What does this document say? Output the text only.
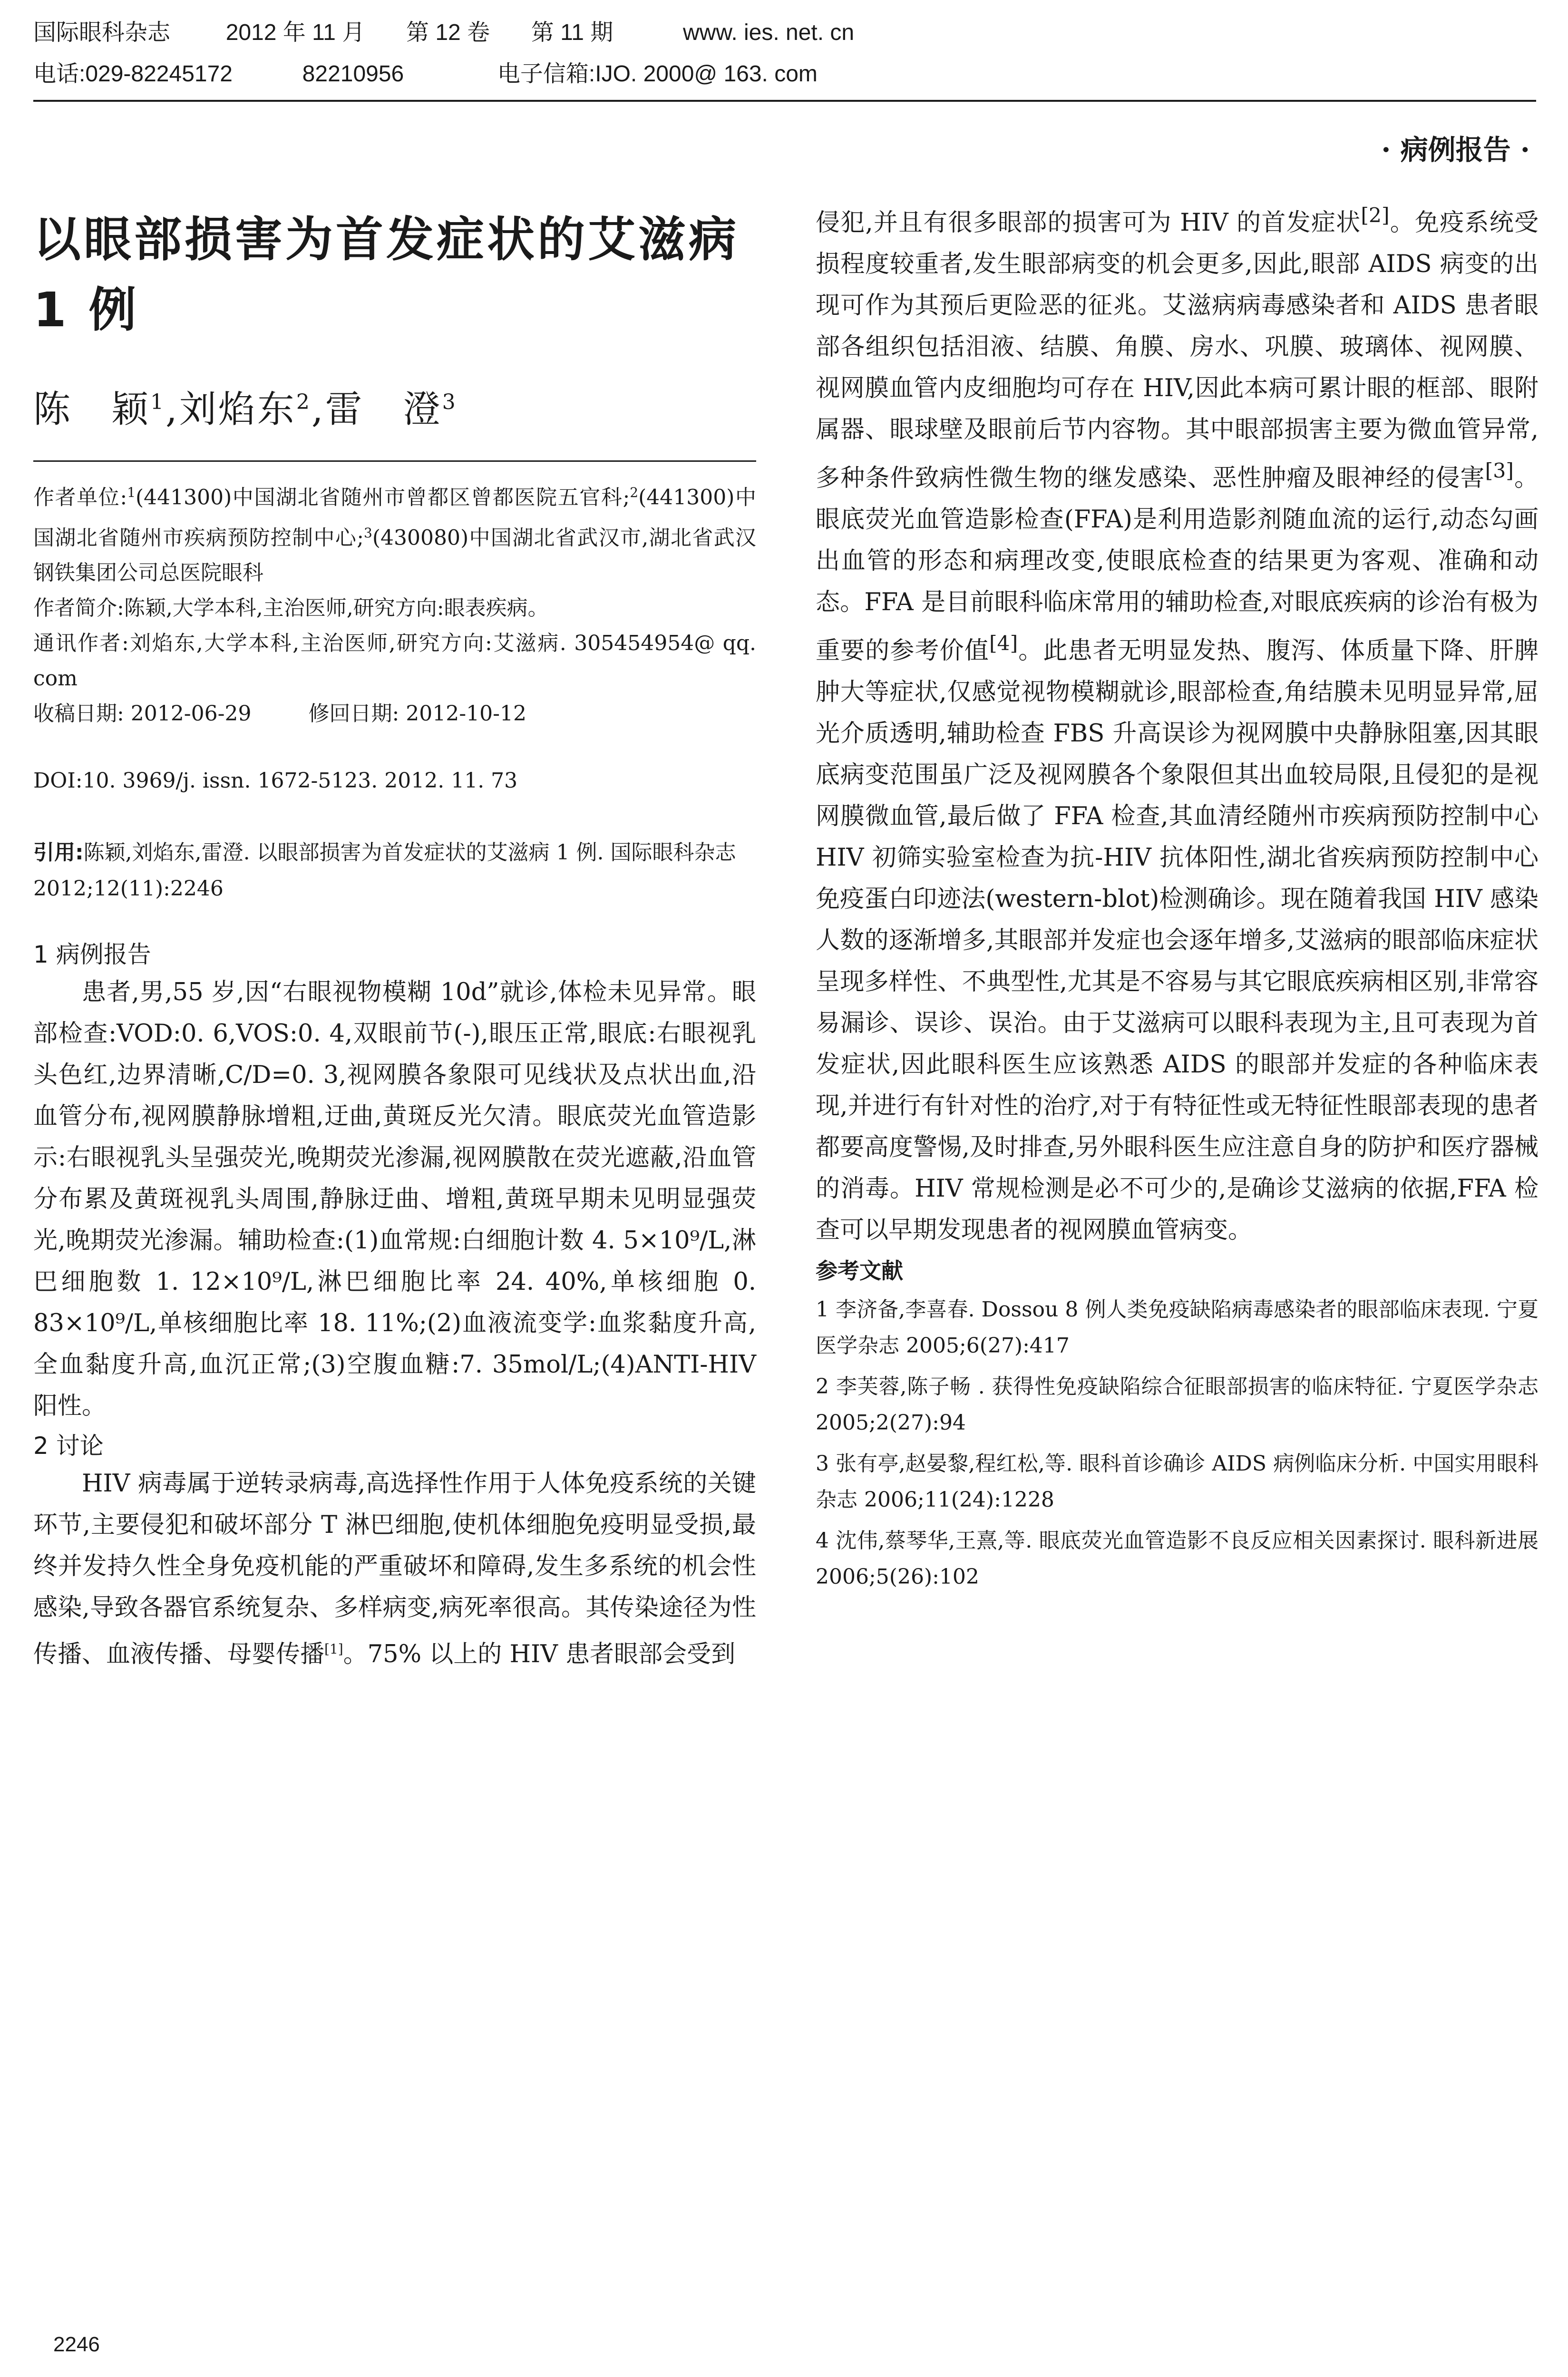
国际眼科杂志 2012 年 11 月 第 12 卷 第 11 期	www. ies. net. cn
电话:029-82245172	82210956	电子信箱:IJO. 2000@ 163. com
· 病例报告 ·
以眼部损害为首发症状的艾滋病 1 例
陈　颖$^1$,刘焰东$^2$,雷　澄$^3$

作者单位:$^1$(441300)中国湖北省随州市曾都区曾都医院五官科;$^2$(441300)中国湖北省随州市疾病预防控制中心;$^3$(430080)中国湖北省武汉市,湖北省武汉钢铁集团公司总医院眼科

作者简介:陈颖,大学本科,主治医师,研究方向:眼表疾病。

通讯作者:刘焰东,大学本科,主治医师,研究方向:艾滋病. 305454954@ qq. com

收稿日期: 2012-06-29	修回日期: 2012-10-12

DOI:10. 3969/j. issn. 1672-5123. 2012. 11. 73
引用:陈颖,刘焰东,雷澄. 以眼部损害为首发症状的艾滋病 1 例. 国际眼科杂志 2012;12(11):2246
1 病例报告

患者,男,55 岁,因“右眼视物模糊 10d”就诊,体检未见异常。眼部检查:VOD:0. 6,VOS:0. 4,双眼前节(-),眼压正常,眼底:右眼视乳头色红,边界清晰,C/D=0. 3,视网膜各象限可见线状及点状出血,沿血管分布,视网膜静脉增粗,迂曲,黄斑反光欠清。眼底荧光血管造影示:右眼视乳头呈强荧光,晚期荧光渗漏,视网膜散在荧光遮蔽,沿血管分布累及黄斑视乳头周围,静脉迂曲、增粗,黄斑早期未见明显强荧光,晚期荧光渗漏。辅助检查:(1)血常规:白细胞计数 4. 5×10⁹/L,淋巴细胞数 1. 12×10⁹/L,淋巴细胞比率 24. 40%,单核细胞 0. 83×10⁹/L,单核细胞比率 18. 11%;(2)血液流变学:血浆黏度升高,全血黏度升高,血沉正常;(3)空腹血糖:7. 35mol/L;(4)ANTI-HIV 阳性。

2 讨论

HIV 病毒属于逆转录病毒,高选择性作用于人体免疫系统的关键环节,主要侵犯和破坏部分 T 淋巴细胞,使机体细胞免疫明显受损,最终并发持久性全身免疫机能的严重破坏和障碍,发生多系统的机会性感染,导致各器官系统复杂、多样病变,病死率很高。其传染途径为性传播、血液传播、母婴传播[1]。75% 以上的 HIV 患者眼部会受到

侵犯,并且有很多眼部的损害可为 HIV 的首发症状[2]。免疫系统受损程度较重者,发生眼部病变的机会更多,因此,眼部 AIDS 病变的出现可作为其预后更险恶的征兆。艾滋病病毒感染者和 AIDS 患者眼部各组织包括泪液、结膜、角膜、房水、巩膜、玻璃体、视网膜、视网膜血管内皮细胞均可存在 HIV,因此本病可累计眼的框部、眼附属器、眼球壁及眼前后节内容物。其中眼部损害主要为微血管异常,多种条件致病性微生物的继发感染、恶性肿瘤及眼神经的侵害[3]。眼底荧光血管造影检查(FFA)是利用造影剂随血流的运行,动态勾画出血管的形态和病理改变,使眼底检查的结果更为客观、准确和动态。FFA 是目前眼科临床常用的辅助检查,对眼底疾病的诊治有极为重要的参考价值[4]。此患者无明显发热、腹泻、体质量下降、肝脾肿大等症状,仅感觉视物模糊就诊,眼部检查,角结膜未见明显异常,屈光介质透明,辅助检查 FBS 升高误诊为视网膜中央静脉阻塞,因其眼底病变范围虽广泛及视网膜各个象限但其出血较局限,且侵犯的是视网膜微血管,最后做了 FFA 检查,其血清经随州市疾病预防控制中心 HIV 初筛实验室检查为抗-HIV 抗体阳性,湖北省疾病预防控制中心免疫蛋白印迹法(western-blot)检测确诊。现在随着我国 HIV 感染人数的逐渐增多,其眼部并发症也会逐年增多,艾滋病的眼部临床症状呈现多样性、不典型性,尤其是不容易与其它眼底疾病相区别,非常容易漏诊、误诊、误治。由于艾滋病可以眼科表现为主,且可表现为首发症状,因此眼科医生应该熟悉 AIDS 的眼部并发症的各种临床表现,并进行有针对性的治疗,对于有特征性或无特征性眼部表现的患者都要高度警惕,及时排查,另外眼科医生应注意自身的防护和医疗器械的消毒。HIV 常规检测是必不可少的,是确诊艾滋病的依据,FFA 检查可以早期发现患者的视网膜血管病变。

参考文献

1 李济备,李喜春. Dossou 8 例人类免疫缺陷病毒感染者的眼部临床表现. 宁夏医学杂志 2005;6(27):417

2 李芙蓉,陈子畅 . 获得性免疫缺陷综合征眼部损害的临床特征. 宁夏医学杂志 2005;2(27):94

3 张有亭,赵晏黎,程红松,等. 眼科首诊确诊 AIDS 病例临床分析. 中国实用眼科杂志 2006;11(24):1228

4 沈伟,蔡琴华,王熹,等. 眼底荧光血管造影不良反应相关因素探讨. 眼科新进展 2006;5(26):102

2246
